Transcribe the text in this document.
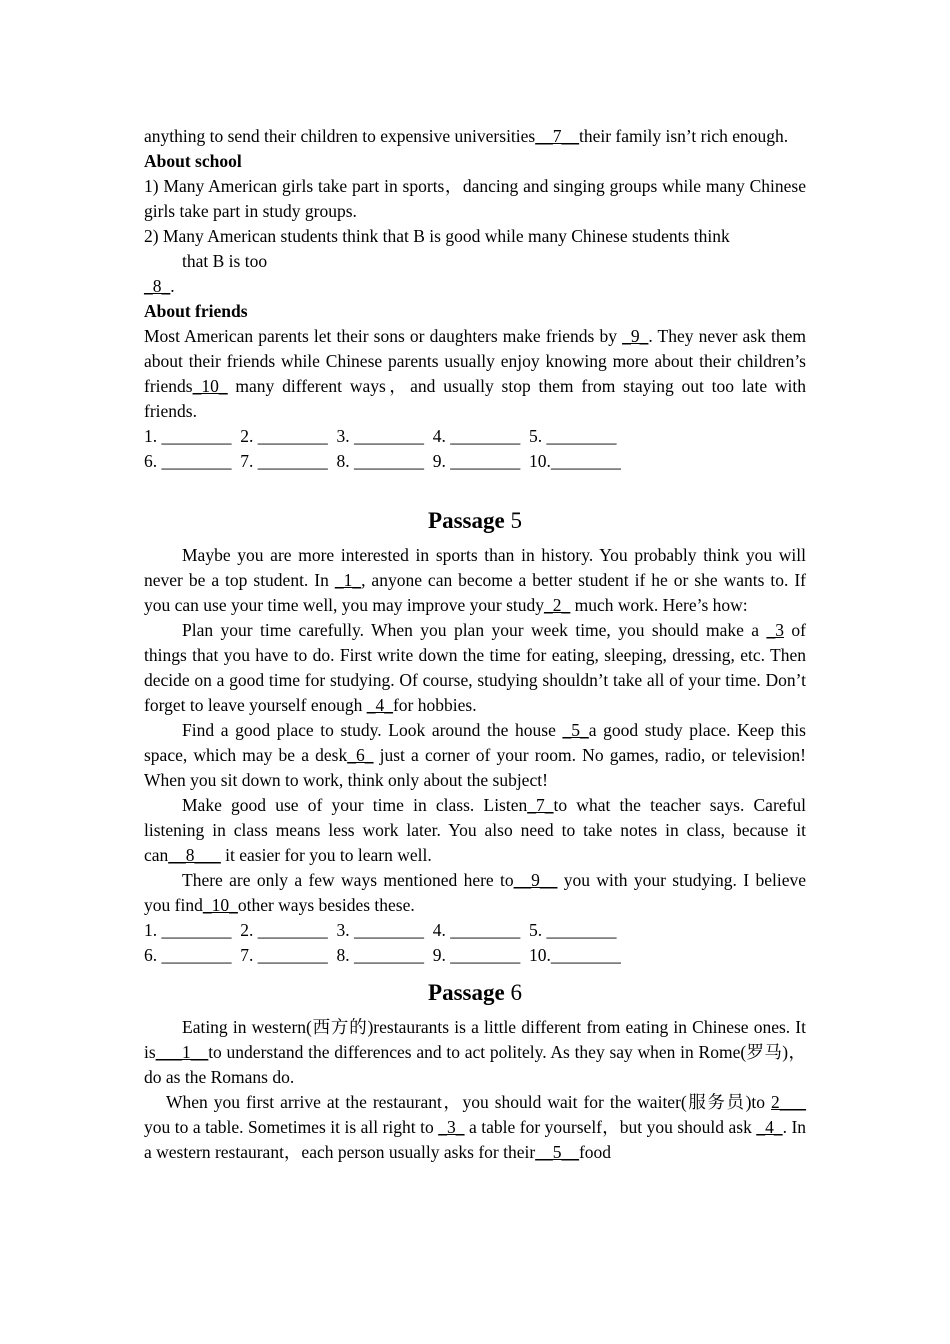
anything to send their children to expensive universities__7__their family isn’t rich enough.

About school

1) Many American girls take part in sports，dancing and singing groups while many Chinese girls take part in study groups.

2) Many American students think that B is good while many Chinese students think

that B is too

_8_.

About friends

Most American parents let their sons or daughters make friends by _9_. They never ask them about their friends while Chinese parents usually enjoy knowing more about their children’s friends_10_ many different ways，and usually stop them from staying out too late with friends.

1. ________  2. ________  3. ________  4. ________  5. ________

6. ________  7. ________  8. ________  9. ________  10.________

Passage 5

Maybe you are more interested in sports than in history. You probably think you will never be a top student. In _1_, anyone can become a better student if he or she wants to. If you can use your time well, you may improve your study_2_ much work. Here’s how:

Plan your time carefully. When you plan your week time, you should make a _3 of things that you have to do. First write down the time for eating, sleeping, dressing, etc. Then decide on a good time for studying. Of course, studying shouldn’t take all of your time. Don’t forget to leave yourself enough _4_for hobbies.

Find a good place to study. Look around the house _5_a good study place. Keep this space, which may be a desk_6_ just a corner of your room. No games, radio, or television! When you sit down to work, think only about the subject!

Make good use of your time in class. Listen_7_to what the teacher says. Careful listening in class means less work later. You also need to take notes in class, because it can__8___ it easier for you to learn well.

There are only a few ways mentioned here to__9__ you with your studying. I believe you find_10_other ways besides these.

1. ________  2. ________  3. ________  4. ________  5. ________

6. ________  7. ________  8. ________  9. ________  10.________

Passage 6

Eating in western(西方的)restaurants is a little different from eating in Chinese ones. It is___1__to understand the differences and to act politely. As they say when in Rome(罗马)，do as the Romans do.

When you first arrive at the restaurant，you should wait for the waiter(服务员)to 2___ you to a table. Sometimes it is all right to _3_ a table for yourself，but you should ask _4_. In a western restaurant，each person usually asks for their__5__food
